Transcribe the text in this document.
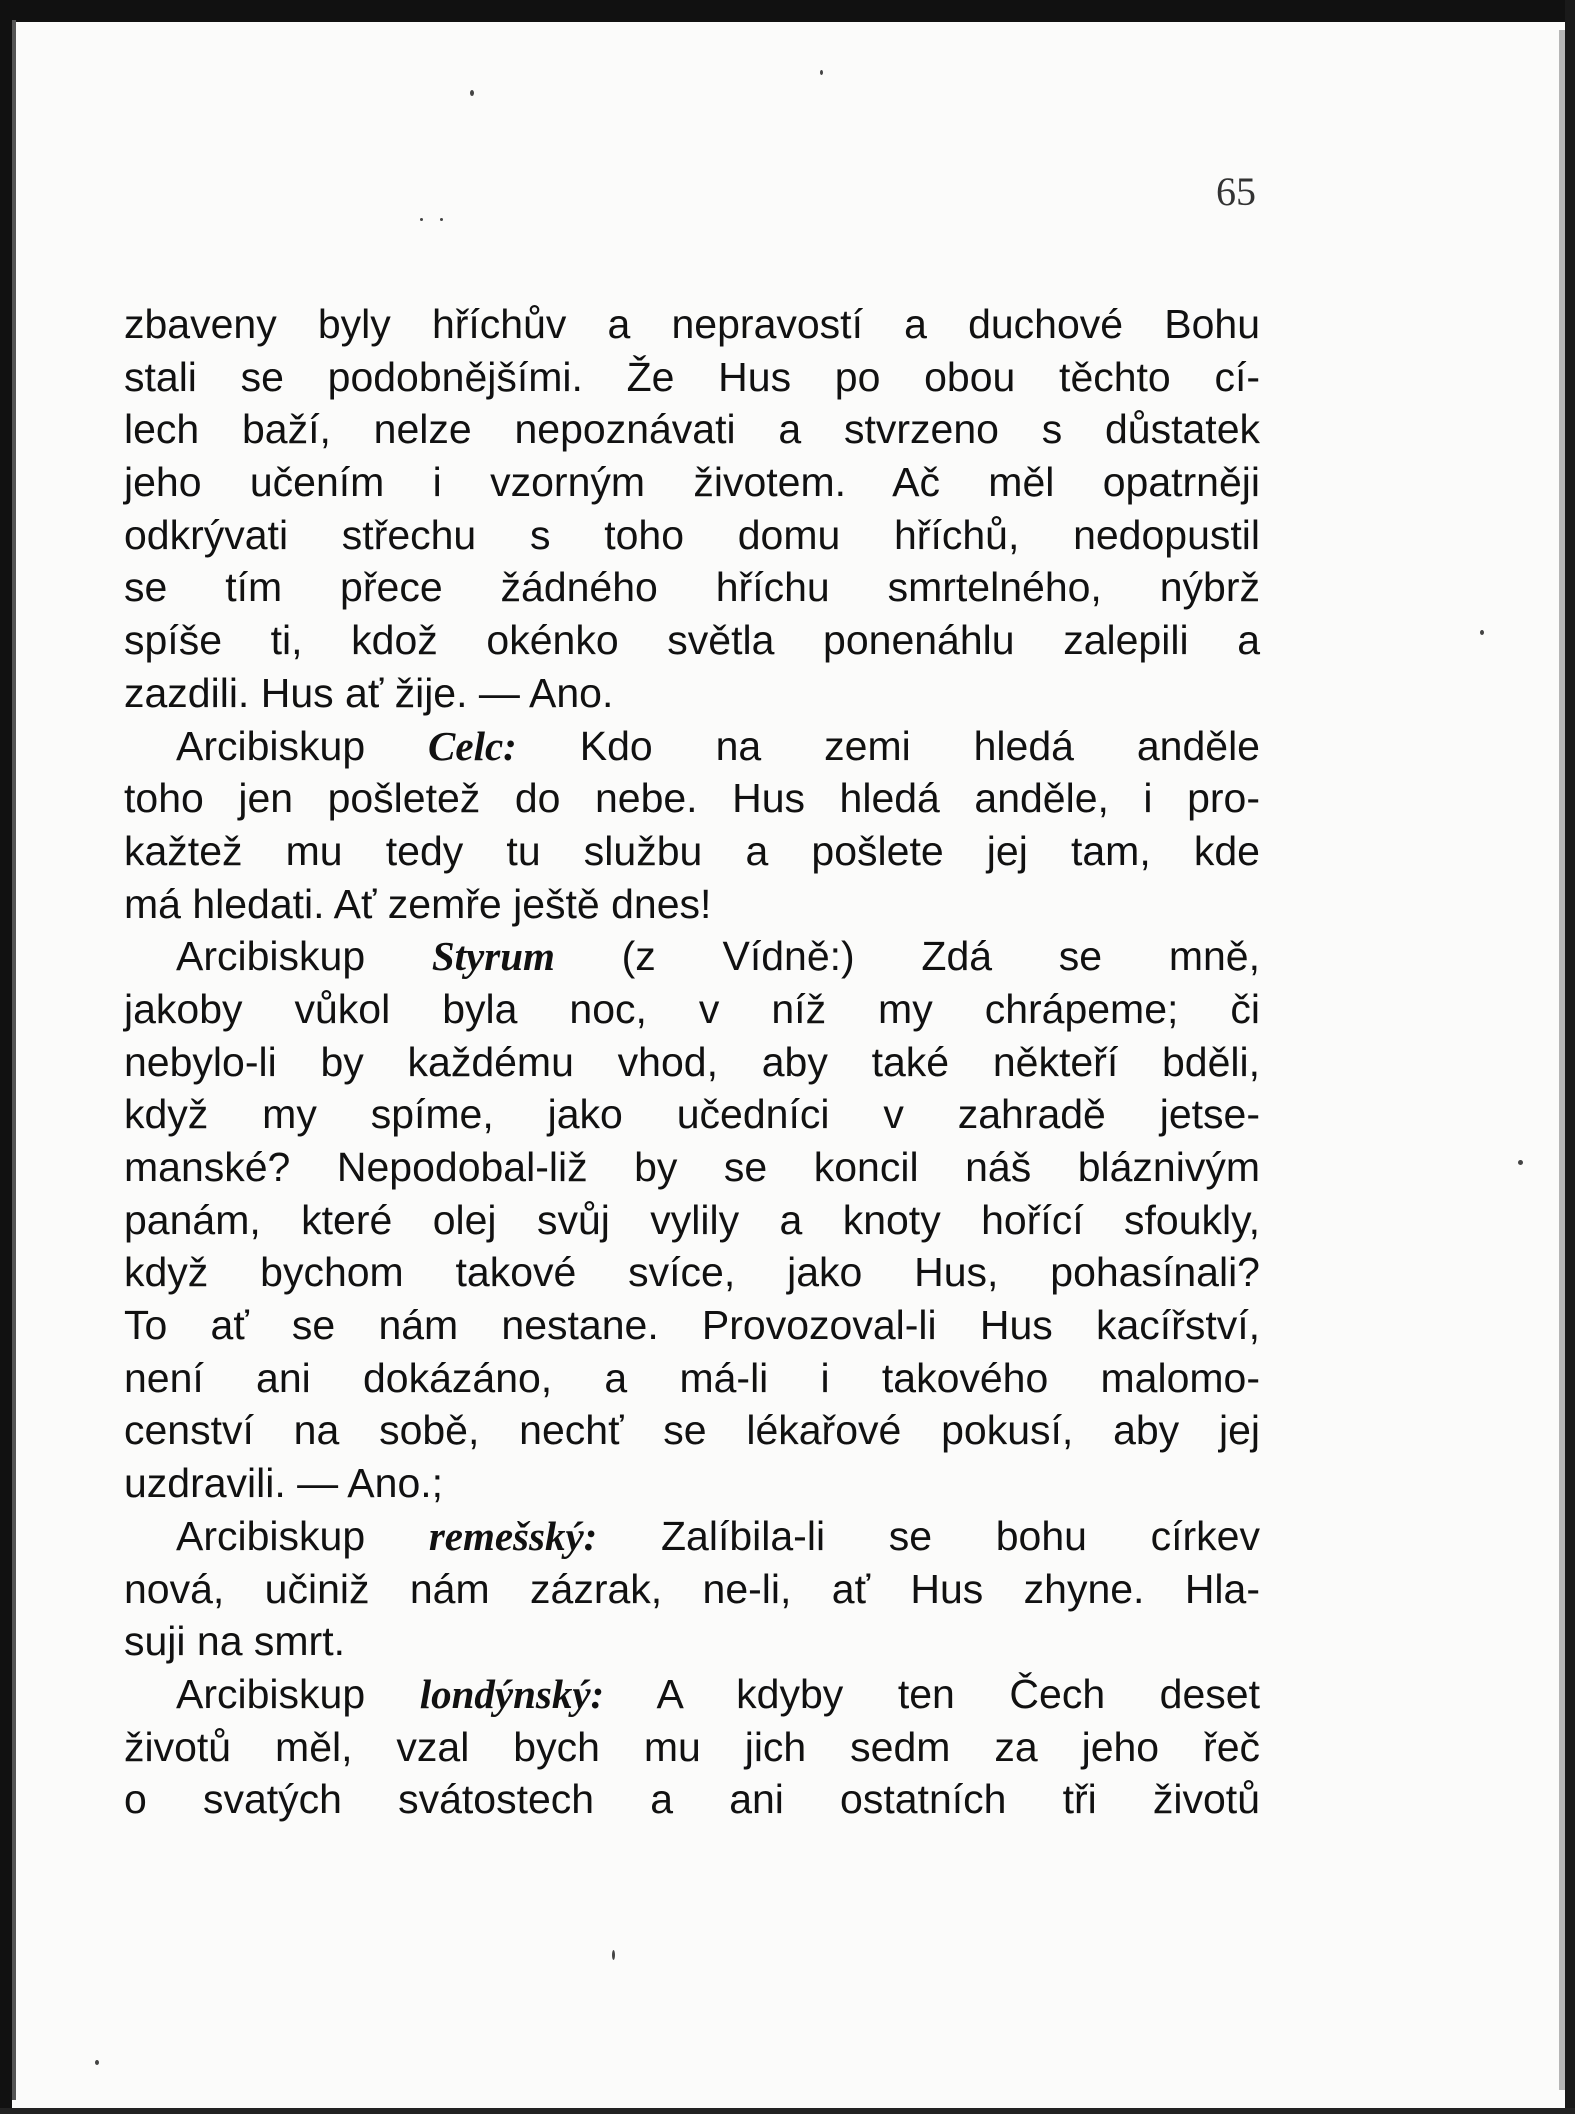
65
zbaveny byly hříchův a nepravostí a duchové Bohu
stali se podobnějšími. Že Hus po obou těchto cí-
lech baží, nelze nepoznávati a stvrzeno s důstatek
jeho učením i vzorným životem. Ač měl opatrněji
odkrývati střechu s toho domu hříchů, nedopustil
se tím přece žádného hříchu smrtelného, nýbrž
spíše ti, kdož okénko světla ponenáhlu zalepili a
zazdili. Hus ať žije. — Ano.
Arcibiskup Celc: Kdo na zemi hledá anděle
toho jen pošletež do nebe. Hus hledá anděle, i pro-
kažtež mu tedy tu službu a pošlete jej tam, kde
má hledati. Ať zemře ještě dnes!
Arcibiskup Styrum (z Vídně:) Zdá se mně,
jakoby vůkol byla noc, v níž my chrápeme; či
nebylo-li by každému vhod, aby také někteří bděli,
když my spíme, jako učedníci v zahradě jetse-
manské? Nepodobal-liž by se koncil náš bláznivým
panám, které olej svůj vylily a knoty hořící sfoukly,
když bychom takové svíce, jako Hus, pohasínali?
To ať se nám nestane. Provozoval-li Hus kacířství,
není ani dokázáno, a má-li i takového malomo-
cenství na sobě, nechť se lékařové pokusí, aby jej
uzdravili. — Ano.;
Arcibiskup remešský: Zalíbila-li se bohu církev
nová, učiniž nám zázrak, ne-li, ať Hus zhyne. Hla-
suji na smrt.
Arcibiskup londýnský: A kdyby ten Čech deset
životů měl, vzal bych mu jich sedm za jeho řeč
o svatých svátostech a ani ostatních tři životů
